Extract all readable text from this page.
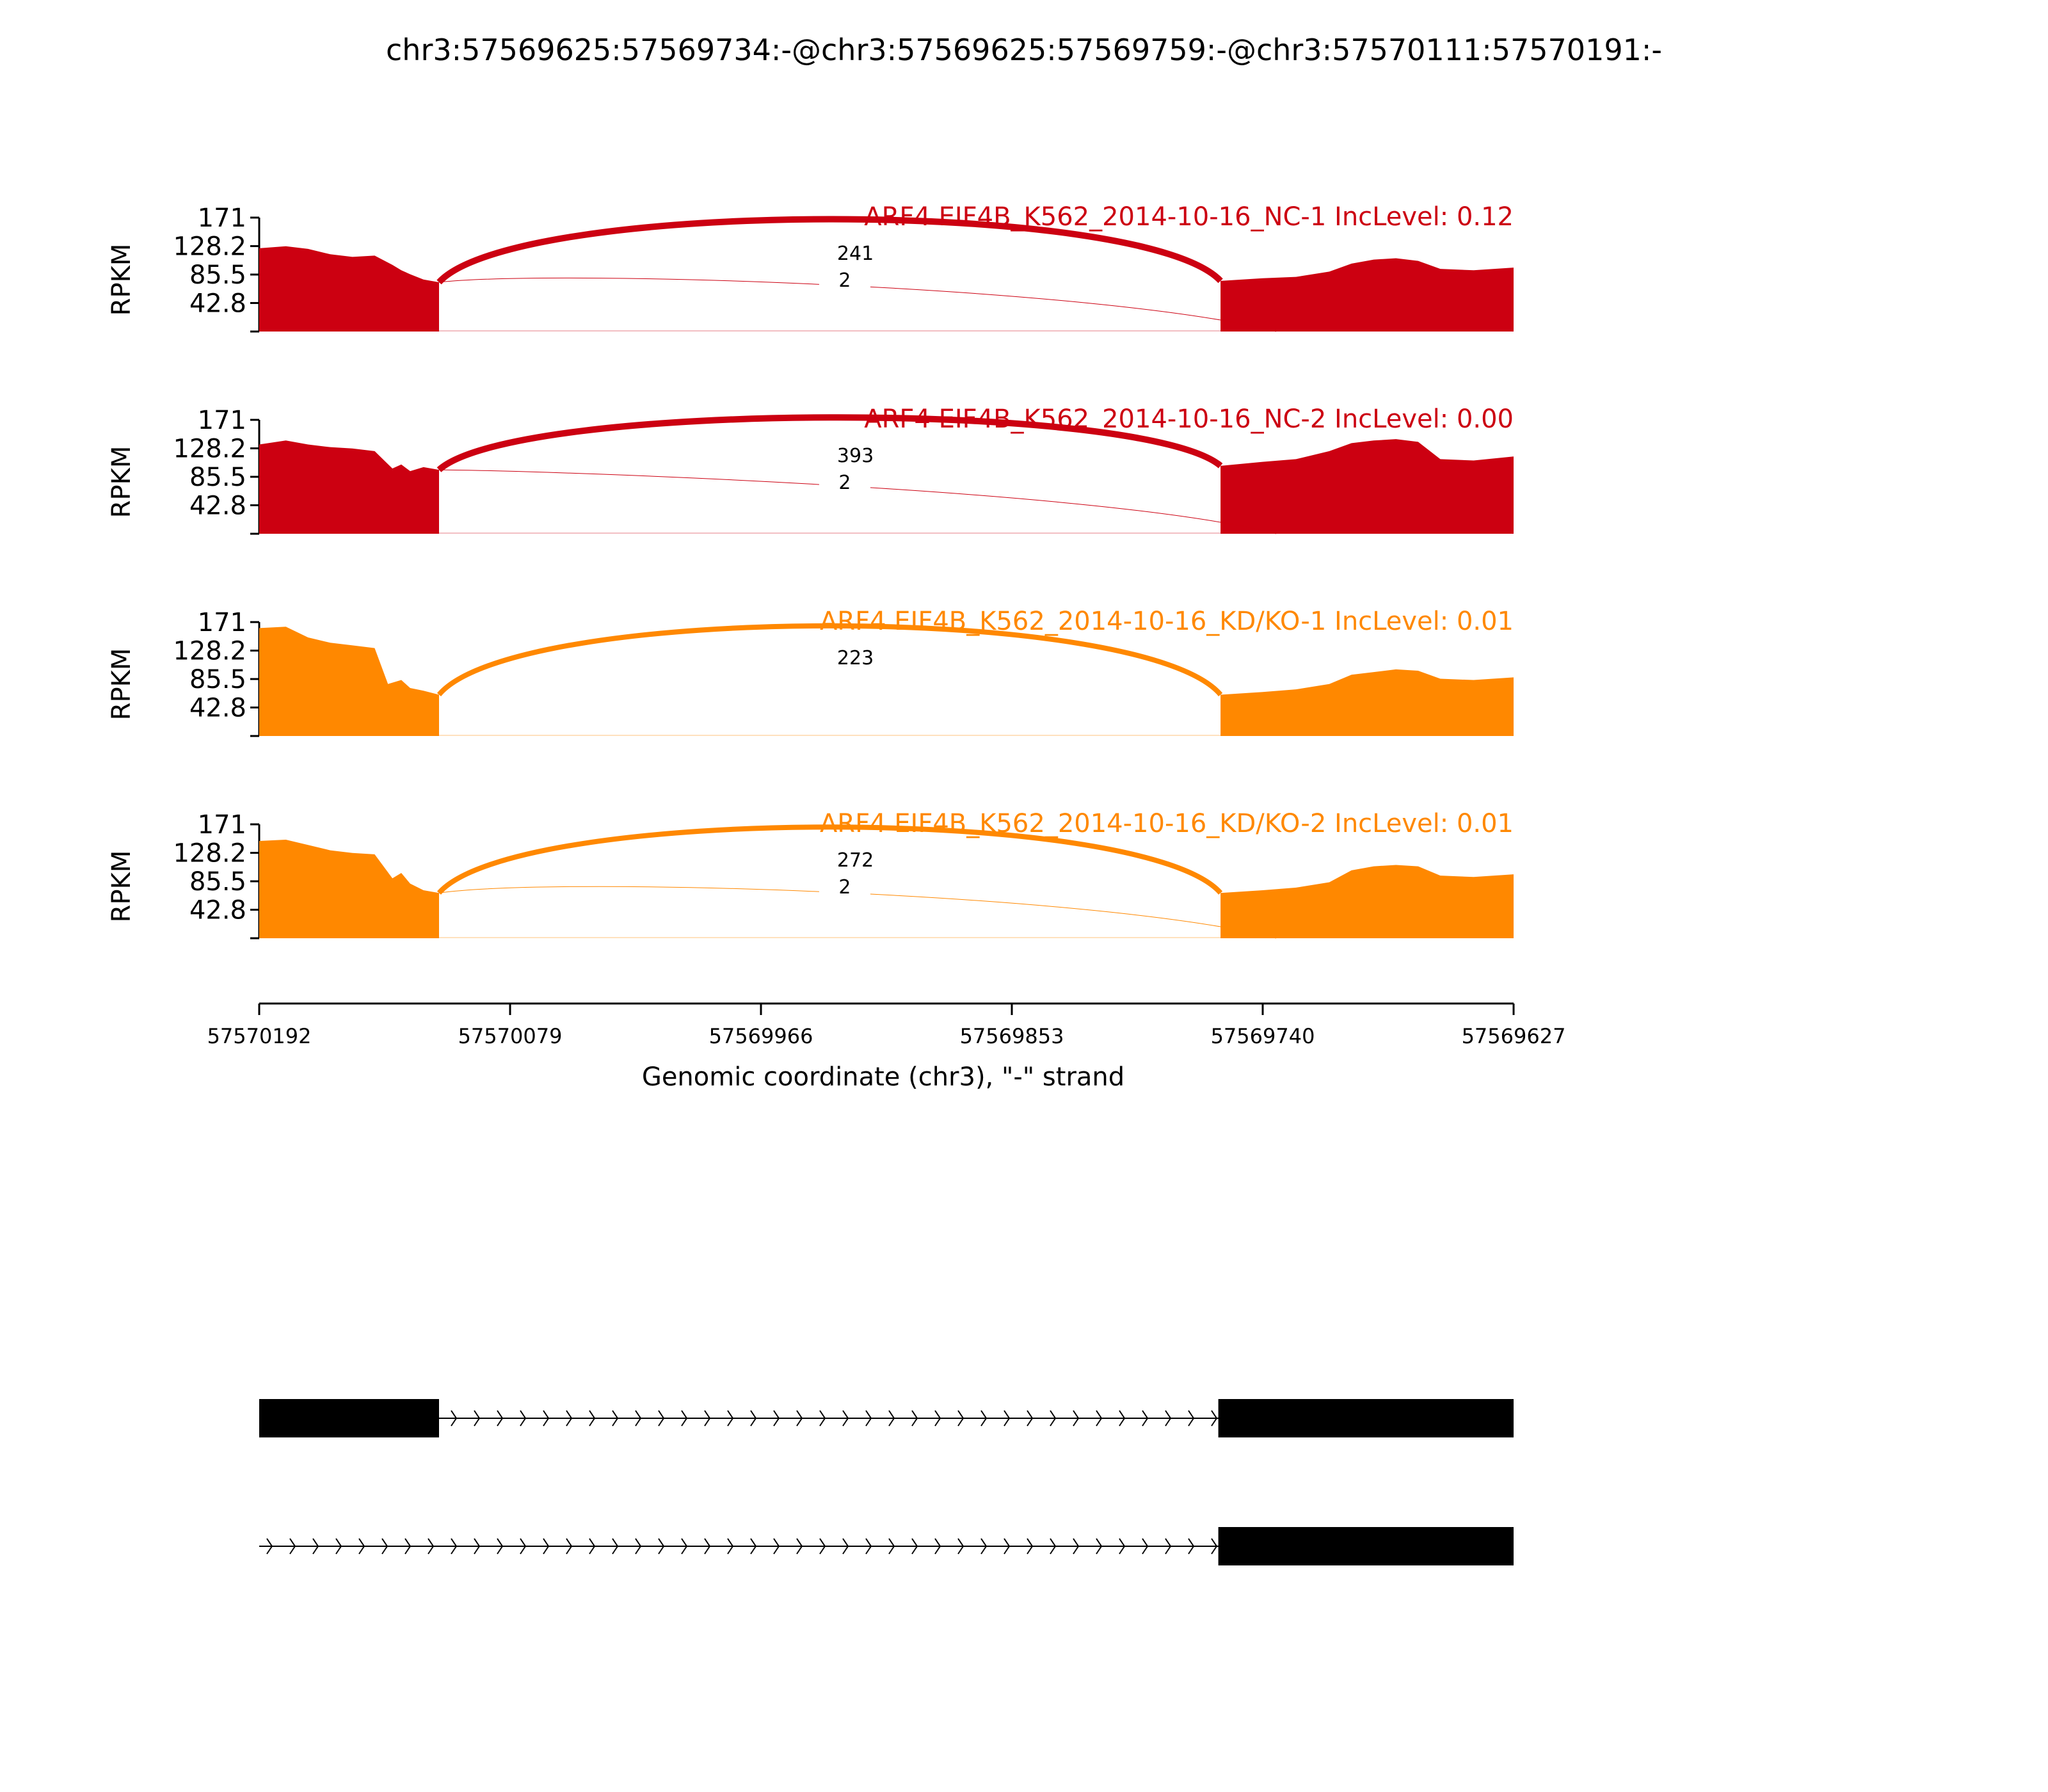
chr3:57569625:57569734:-@chr3:57569625:57569759:-@chr3:57570111:57570191:-
171
128.2
85.5
42.8
RPKM	241
2
ARF4 EIF4B_K562_2014-10-16_NC-1 IncLevel: 0.12
171
128.2
85.5
42.8
RPKM	393
2
ARF4 EIF4B_K562_2014-10-16_NC-2 IncLevel: 0.00
171
128.2
85.5
42.8
RPKM	223
ARF4 EIF4B_K562_2014-10-16_KD/KO-1 IncLevel: 0.01
171
128.2
85.5
42.8
RPKM	272
2
ARF4 EIF4B_K562_2014-10-16_KD/KO-2 IncLevel: 0.01
57570192	57570079	57569966	57569853	57569740	57569627
Genomic coordinate (chr3), "-" strand
